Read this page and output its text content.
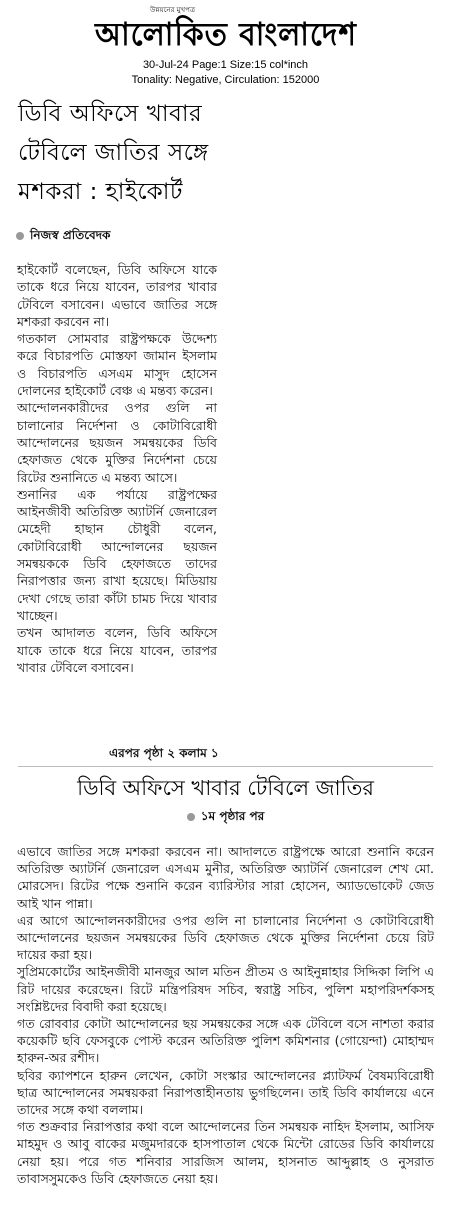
উন্নয়নের মুখপত্র
আলোকিত বাংলাদেশ
30-Jul-24 Page:1 Size:15 col*inch
Tonality: Negative, Circulation: 152000
ডিবি অফিসে খাবার
টেবিলে জাতির সঙ্গে
মশকরা : হাইকোর্ট
নিজস্ব প্রতিবেদক

হাইকোর্ট বলেছেন, ডিবি অফিসে যাকে তাকে ধরে নিয়ে যাবেন, তারপর খাবার টেবিলে বসাবেন। এভাবে জাতির সঙ্গে মশকরা করবেন না।

গতকাল সোমবার রাষ্ট্রপক্ষকে উদ্দেশ্য করে বিচারপতি মোস্তফা জামান ইসলাম ও বিচারপতি এসএম মাসুদ হোসেন দোলনের হাইকোর্ট বেঞ্চ এ মন্তব্য করেন।

আন্দোলনকারীদের ওপর গুলি না চালানোর নির্দেশনা ও কোটাবিরোধী আন্দোলনের ছয়জন সমন্বয়কের ডিবি হেফাজত থেকে মুক্তির নির্দেশনা চেয়ে রিটের শুনানিতে এ মন্তব্য আসে।

শুনানির এক পর্যায়ে রাষ্ট্রপক্ষের আইনজীবী অতিরিক্ত অ্যাটর্নি জেনারেল মেহেদী হাছান চৌধুরী বলেন, কোটাবিরোধী আন্দোলনের ছয়জন সমন্বয়ককে ডিবি হেফাজতে তাদের নিরাপত্তার জন্য রাখা হয়েছে। মিডিয়ায় দেখা গেছে তারা কাঁটা চামচ দিয়ে খাবার খাচ্ছেন।

তখন আদালত বলেন, ডিবি অফিসে যাকে তাকে ধরে নিয়ে যাবেন, তারপর খাবার টেবিলে বসাবেন।

এরপর পৃষ্ঠা ২ কলাম ১
ডিবি অফিসে খাবার টেবিলে জাতির
১ম পৃষ্ঠার পর

এভাবে জাতির সঙ্গে মশকরা করবেন না। আদালতে রাষ্ট্রপক্ষে আরো শুনানি করেন অতিরিক্ত অ্যাটর্নি জেনারেল এসএম মুনীর, অতিরিক্ত অ্যাটর্নি জেনারেল শেখ মো. মোরসেদ। রিটের পক্ষে শুনানি করেন ব্যারিস্টার সারা হোসেন, অ্যাডভোকেট জেড আই খান পান্না।

এর আগে আন্দোলনকারীদের ওপর গুলি না চালানোর নির্দেশনা ও কোটাবিরোধী আন্দোলনের ছয়জন সমন্বয়কের ডিবি হেফাজত থেকে মুক্তির নির্দেশনা চেয়ে রিট দায়ের করা হয়।

সুপ্রিমকোর্টের আইনজীবী মানজুর আল মতিন প্রীতম ও আইনুন্নাহার সিদ্দিকা লিপি এ রিট দায়ের করেছেন। রিটে মন্ত্রিপরিষদ সচিব, স্বরাষ্ট্র সচিব, পুলিশ মহাপরিদর্শকসহ সংশ্লিষ্টদের বিবাদী করা হয়েছে।

গত রোববার কোটা আন্দোলনের ছয় সমন্বয়কের সঙ্গে এক টেবিলে বসে নাশতা করার কয়েকটি ছবি ফেসবুকে পোস্ট করেন অতিরিক্ত পুলিশ কমিশনার (গোয়েন্দা) মোহাম্মদ হারুন-অর রশীদ।

ছবির ক্যাপশনে হারুন লেখেন, কোটা সংস্কার আন্দোলনের প্ল্যাটফর্ম বৈষম্যবিরোধী ছাত্র আন্দোলনের সমন্বয়করা নিরাপত্তাহীনতায় ভুগছিলেন। তাই ডিবি কার্যালয়ে এনে তাদের সঙ্গে কথা বললাম।

গত শুক্রবার নিরাপত্তার কথা বলে আন্দোলনের তিন সমন্বয়ক নাহিদ ইসলাম, আসিফ মাহমুদ ও আবু বাকের মজুমদারকে হাসপাতাল থেকে মিন্টো রোডের ডিবি কার্যালয়ে নেয়া হয়। পরে গত শনিবার সারজিস আলম, হাসনাত আব্দুল্লাহ ও নুসরাত তাবাসসুমকেও ডিবি হেফাজতে নেয়া হয়।
